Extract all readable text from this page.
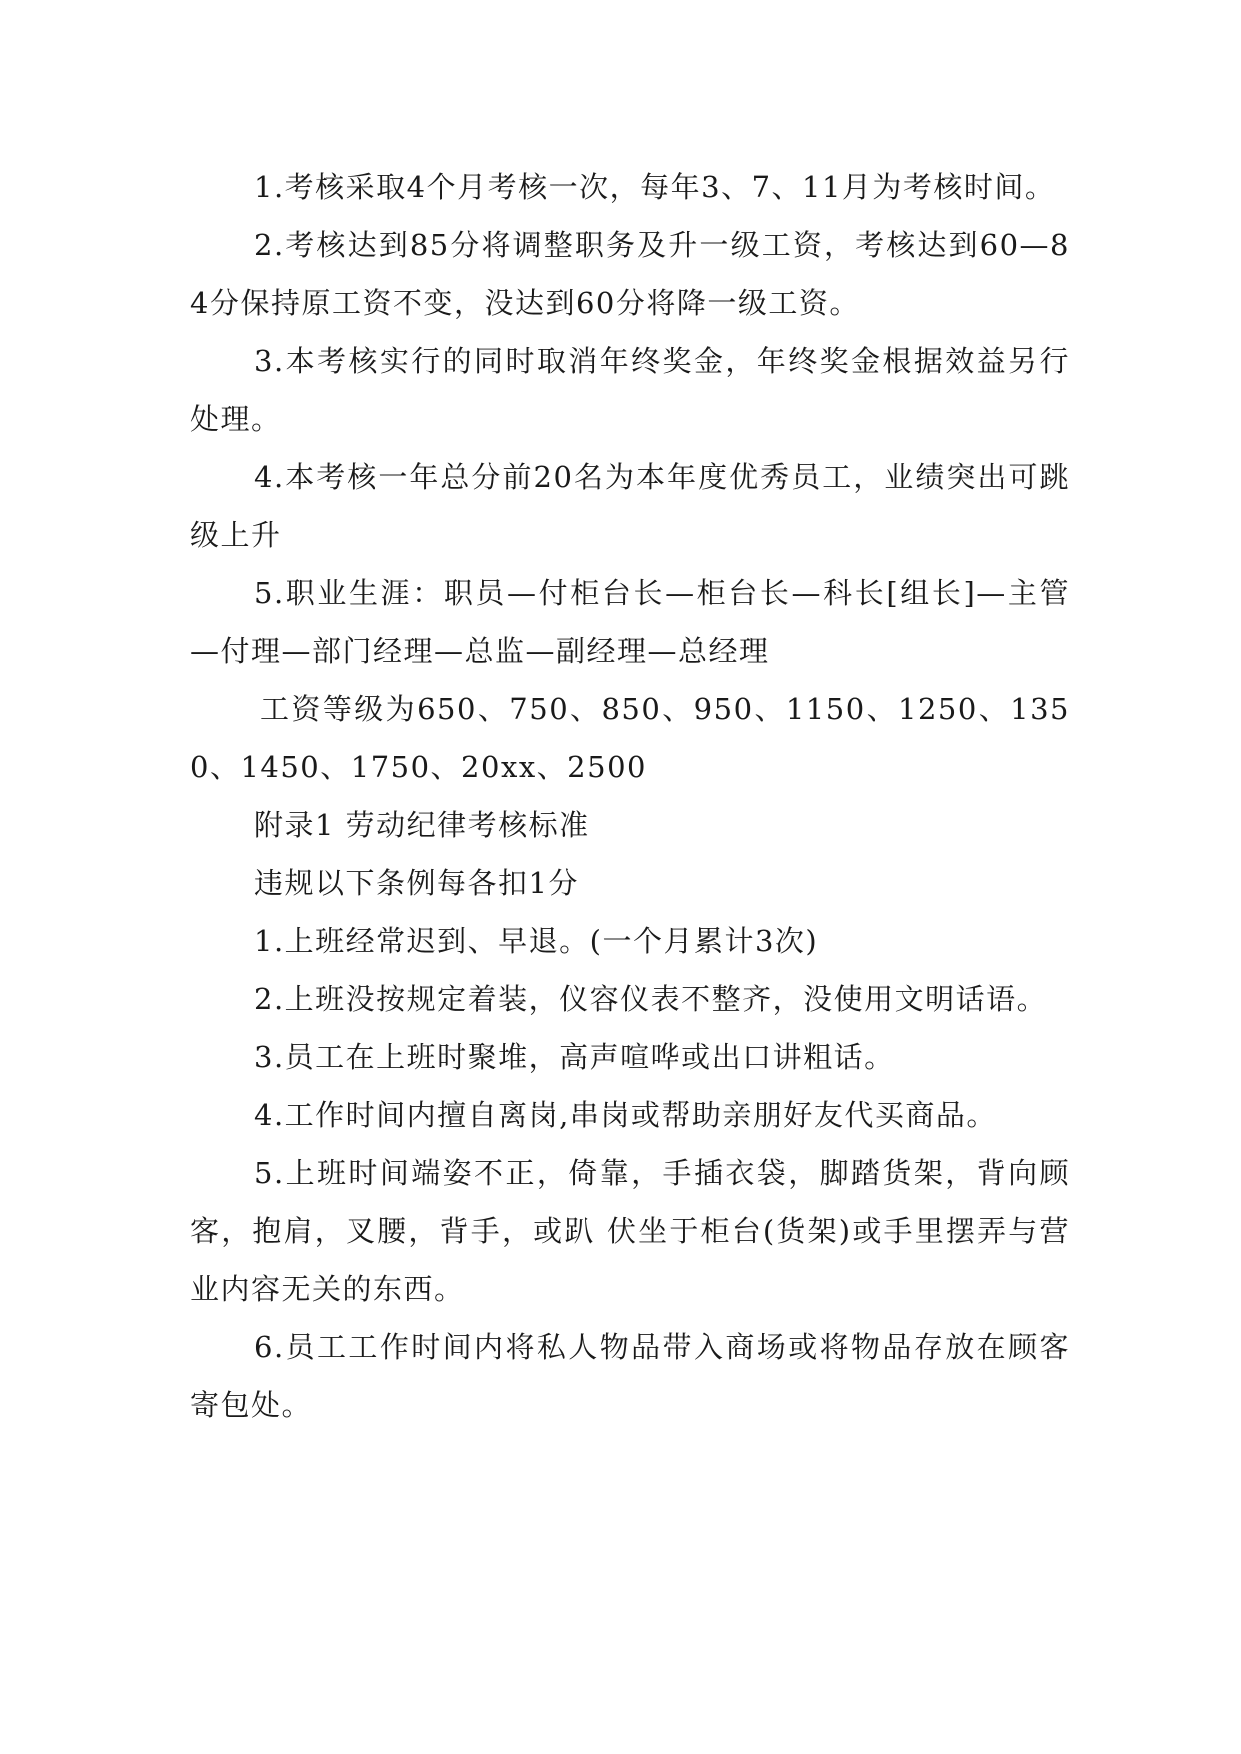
1.考核采取4个月考核一次，每年3、7、11月为考核时间。

2.考核达到85分将调整职务及升一级工资，考核达到60—84分保持原工资不变，没达到60分将降一级工资。

3.本考核实行的同时取消年终奖金，年终奖金根据效益另行处理。

4.本考核一年总分前20名为本年度优秀员工，业绩突出可跳级上升

5.职业生涯：职员—付柜台长—柜台长—科长[组长]—主管—付理—部门经理—总监—副经理—总经理

工资等级为650、750、850、950、1150、1250、1350、1450、1750、20xx、2500

附录1 劳动纪律考核标准

违规以下条例每各扣1分

1.上班经常迟到、早退。(一个月累计3次)

2.上班没按规定着装，仪容仪表不整齐，没使用文明话语。

3.员工在上班时聚堆，高声喧哗或出口讲粗话。

4.工作时间内擅自离岗,串岗或帮助亲朋好友代买商品。

5.上班时间端姿不正，倚靠，手插衣袋，脚踏货架，背向顾客，抱肩，叉腰，背手，或趴 伏坐于柜台(货架)或手里摆弄与营业内容无关的东西。

6.员工工作时间内将私人物品带入商场或将物品存放在顾客寄包处。
